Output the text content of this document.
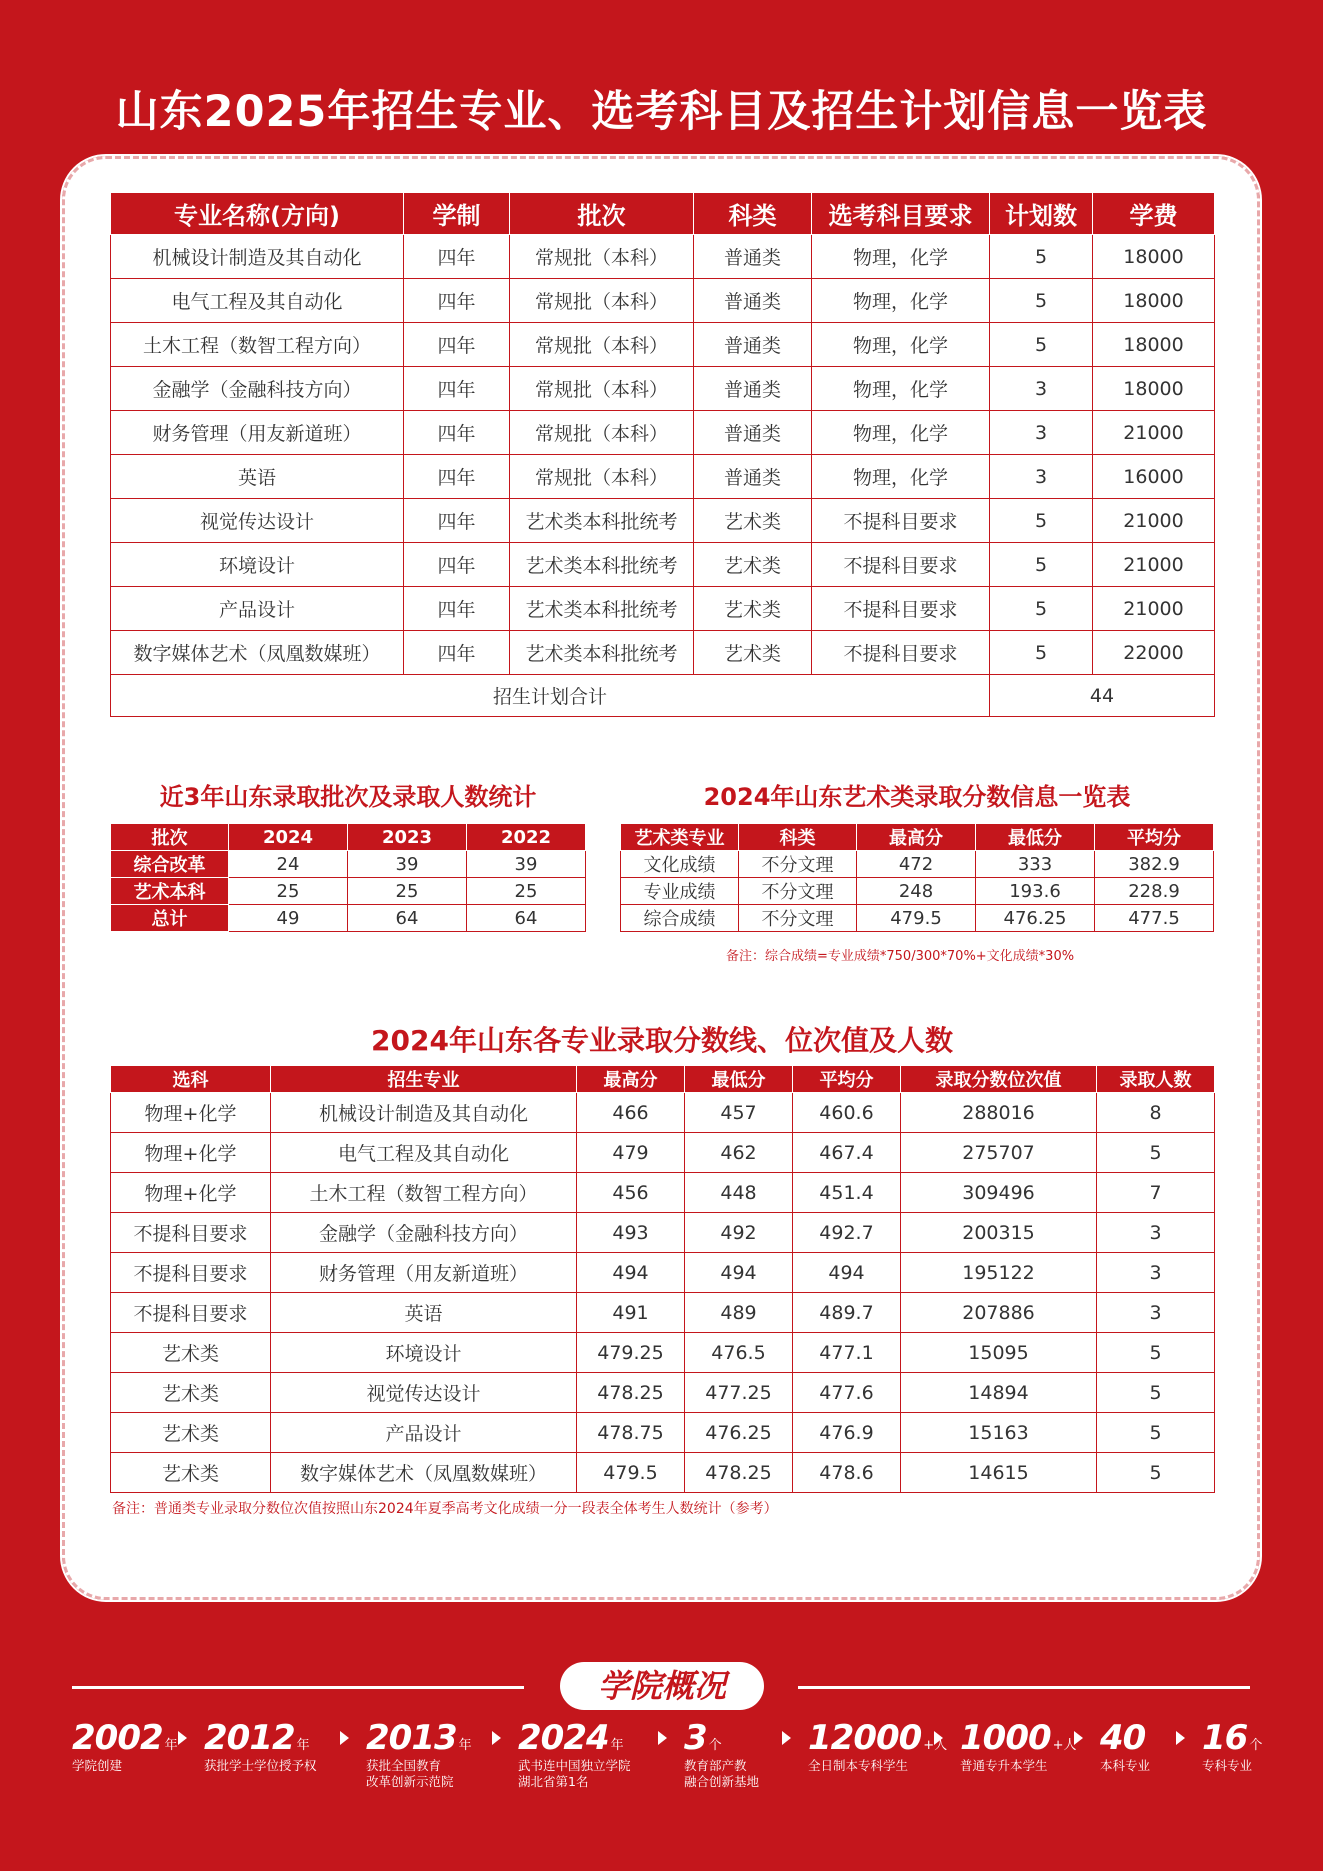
山东2025年招生专业、选考科目及招生计划信息一览表
专业名称(方向)	学制	批次	科类	选考科目要求	计划数	学费
机械设计制造及其自动化	四年	常规批（本科）	普通类	物理，化学	5	18000
电气工程及其自动化	四年	常规批（本科）	普通类	物理，化学	5	18000
土木工程（数智工程方向）	四年	常规批（本科）	普通类	物理，化学	5	18000
金融学（金融科技方向）	四年	常规批（本科）	普通类	物理，化学	3	18000
财务管理（用友新道班）	四年	常规批（本科）	普通类	物理，化学	3	21000
英语	四年	常规批（本科）	普通类	物理，化学	3	16000
视觉传达设计	四年	艺术类本科批统考	艺术类	不提科目要求	5	21000
环境设计	四年	艺术类本科批统考	艺术类	不提科目要求	5	21000
产品设计	四年	艺术类本科批统考	艺术类	不提科目要求	5	21000
数字媒体艺术（凤凰数媒班）	四年	艺术类本科批统考	艺术类	不提科目要求	5	22000
招生计划合计					44	
近3年山东录取批次及录取人数统计
批次	2024	2023	2022
综合改革	24	39	39
艺术本科	25	25	25
总计	49	64	64
2024年山东艺术类录取分数信息一览表
艺术类专业	科类	最高分	最低分	平均分
文化成绩	不分文理	472	333	382.9
专业成绩	不分文理	248	193.6	228.9
综合成绩	不分文理	479.5	476.25	477.5
备注：综合成绩=专业成绩*750/300*70%+文化成绩*30%
2024年山东各专业录取分数线、位次值及人数
选科	招生专业	最高分	最低分	平均分	录取分数位次值	录取人数
物理+化学	机械设计制造及其自动化	466	457	460.6	288016	8
物理+化学	电气工程及其自动化	479	462	467.4	275707	5
物理+化学	土木工程（数智工程方向）	456	448	451.4	309496	7
不提科目要求	金融学（金融科技方向）	493	492	492.7	200315	3
不提科目要求	财务管理（用友新道班）	494	494	494	195122	3
不提科目要求	英语	491	489	489.7	207886	3
艺术类	环境设计	479.25	476.5	477.1	15095	5
艺术类	视觉传达设计	478.25	477.25	477.6	14894	5
艺术类	产品设计	478.75	476.25	476.9	15163	5
艺术类	数字媒体艺术（凤凰数媒班）	479.5	478.25	478.6	14615	5
备注：普通类专业录取分数位次值按照山东2024年夏季高考文化成绩一分一段表全体考生人数统计（参考）
学院概况
2002 年
学院创建
2012 年
获批学士学位授予权
2013 年
获批全国教育
改革创新示范院
2024 年
武书连中国独立学院
湖北省第1名
3 个
教育部产教
融合创新基地
12000 +人
全日制本专科学生
1000 +人
普通专升本学生
40
本科专业
16 个
专科专业
